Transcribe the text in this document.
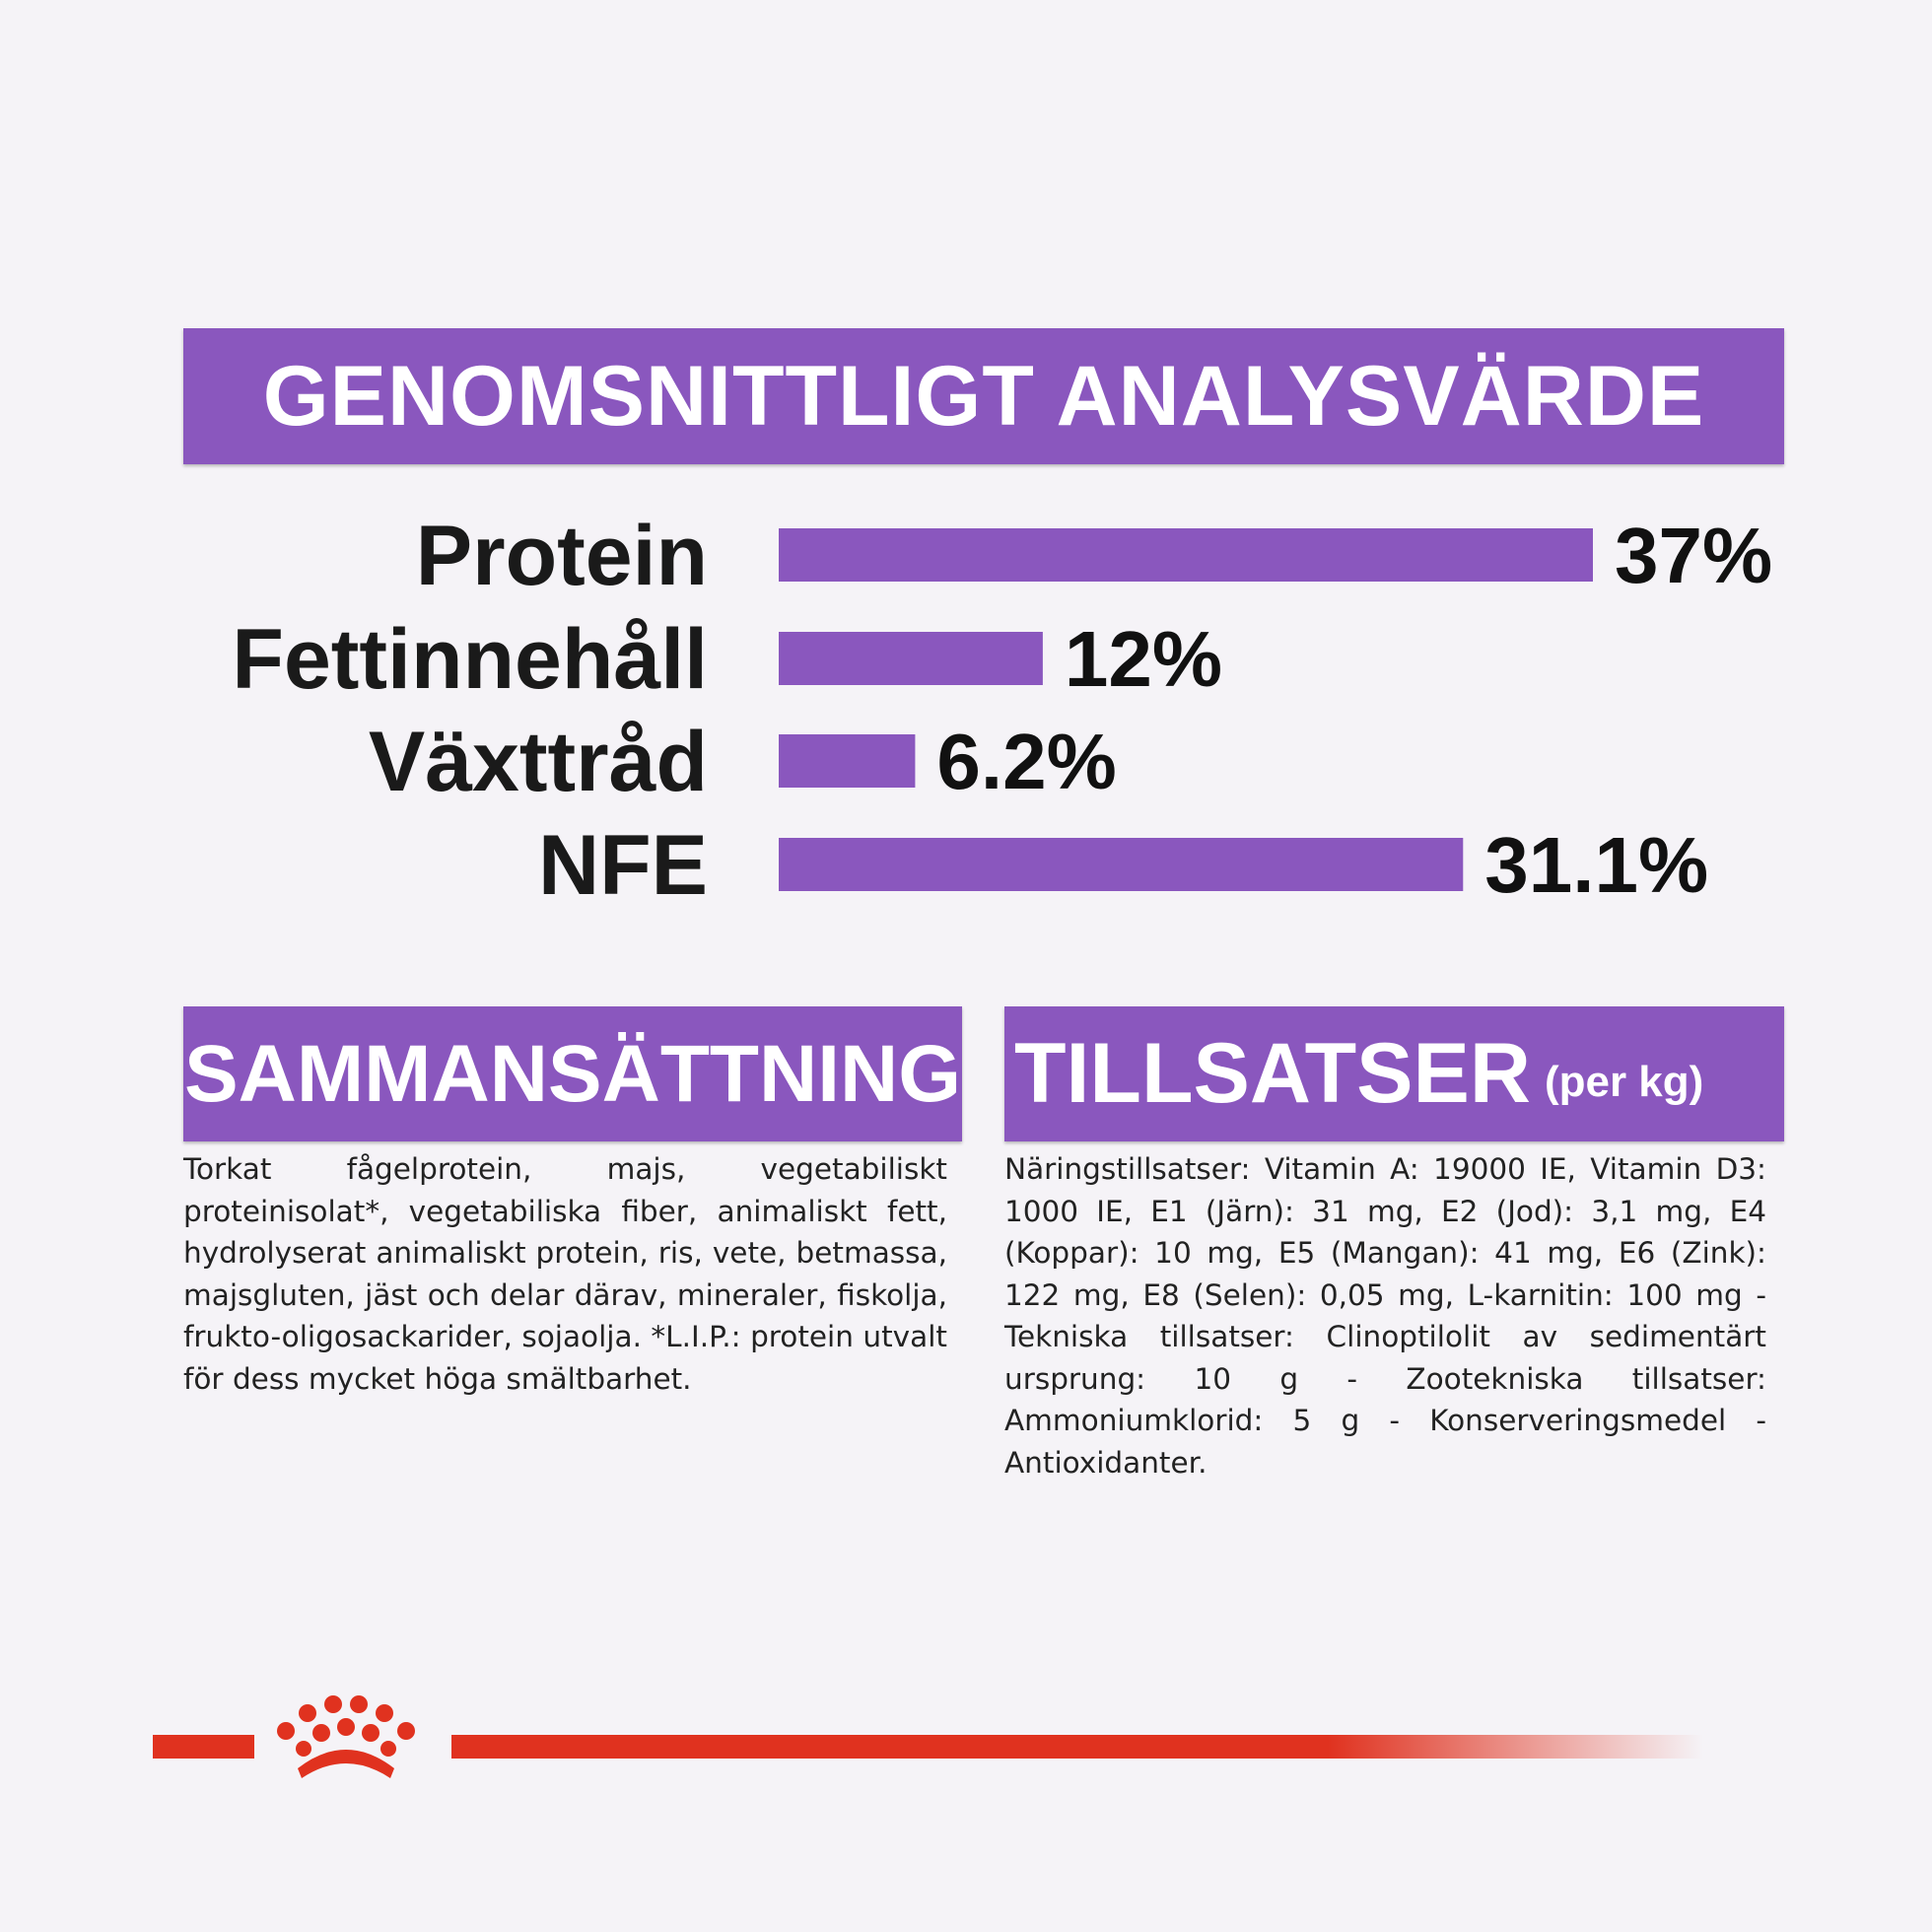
GENOMSNITTLIGT ANALYSVÄRDE
Protein	37%
Fettinnehåll	12%
Växttråd	6.2%
NFE	31.1%
SAMMANSÄTTNING TILLSATSER (per kg)
Torkat fågelprotein, majs, vegetabiliskt proteinisolat*, vegetabiliska fiber, animaliskt fett, hydrolyserat animaliskt protein, ris, vete, betmassa, majsgluten, jäst och delar därav, mineraler, fiskolja, frukto-oligosackarider, sojaolja. *L.I.P.: protein utvalt för dess mycket höga smältbarhet.
Näringstillsatser: Vitamin A: 19000 IE, Vitamin D3: 1000 IE, E1 (Järn): 31 mg, E2 (Jod): 3,1 mg, E4 (Koppar): 10 mg, E5 (Mangan): 41 mg, E6 (Zink): 122 mg, E8 (Selen): 0,05 mg, L-karnitin: 100 mg - Tekniska tillsatser: Clinoptilolit av sedimentärt ursprung: 10 g - Zootekniska tillsatser: Ammoniumklorid: 5 g - Konserveringsmedel - Antioxidanter.
